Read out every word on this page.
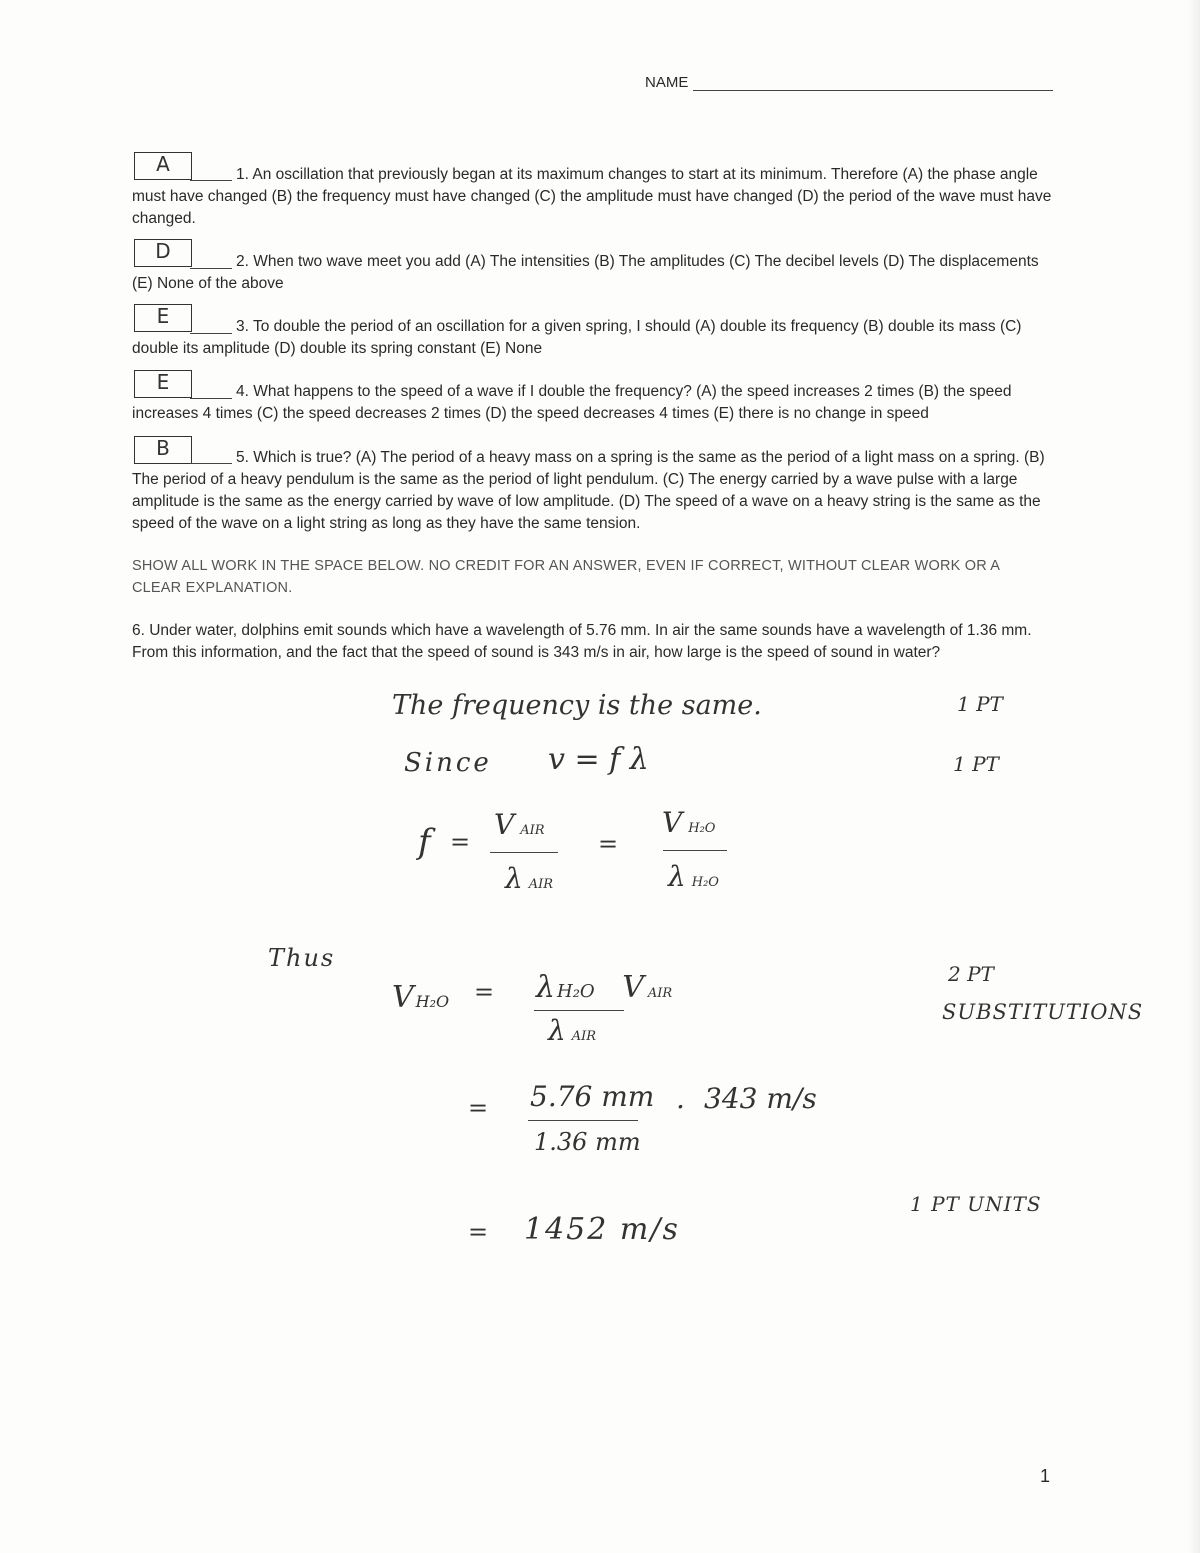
NAME
A	1. An oscillation that previously began at its maximum changes to start at its minimum. Therefore (A) the phase angle must have changed (B) the frequency must have changed (C) the amplitude must have changed (D) the period of the wave must have changed.
D	2. When two wave meet you add (A) The intensities (B) The amplitudes (C) The decibel levels (D) The displacements (E) None of the above
E	3. To double the period of an oscillation for a given spring, I should (A) double its frequency (B) double its mass (C) double its amplitude (D) double its spring constant (E) None
E	4. What happens to the speed of a wave if I double the frequency? (A) the speed increases 2 times (B) the speed increases 4 times (C) the speed decreases 2 times (D) the speed decreases 4 times (E) there is no change in speed
B	5. Which is true? (A) The period of a heavy mass on a spring is the same as the period of a light mass on a spring. (B) The period of a heavy pendulum is the same as the period of light pendulum. (C) The energy carried by a wave pulse with a large amplitude is the same as the energy carried by wave of low amplitude. (D) The speed of a wave on a heavy string is the same as the speed of the wave on a light string as long as they have the same tension.
SHOW ALL WORK IN THE SPACE BELOW. NO CREDIT FOR AN ANSWER, EVEN IF CORRECT, WITHOUT CLEAR WORK OR A CLEAR EXPLANATION.
6. Under water, dolphins emit sounds which have a wavelength of 5.76 mm. In air the same sounds have a wavelength of 1.36 mm. From this information, and the fact that the speed of sound is 343 m/s in air, how large is the speed of sound in water?
The frequency is the same.	1 PT
Since v = f λ	1 PT
f =
VAIR
λAIR
=
V H₂O
λ H₂O
Thus
V H₂O = λ H₂O V AIR
λAIR
2 PT
SUBSTITUTIONS
= 5.76 mm . 343 m/s
1.36 mm
= 1452 m/s
1 PT UNITS
1
